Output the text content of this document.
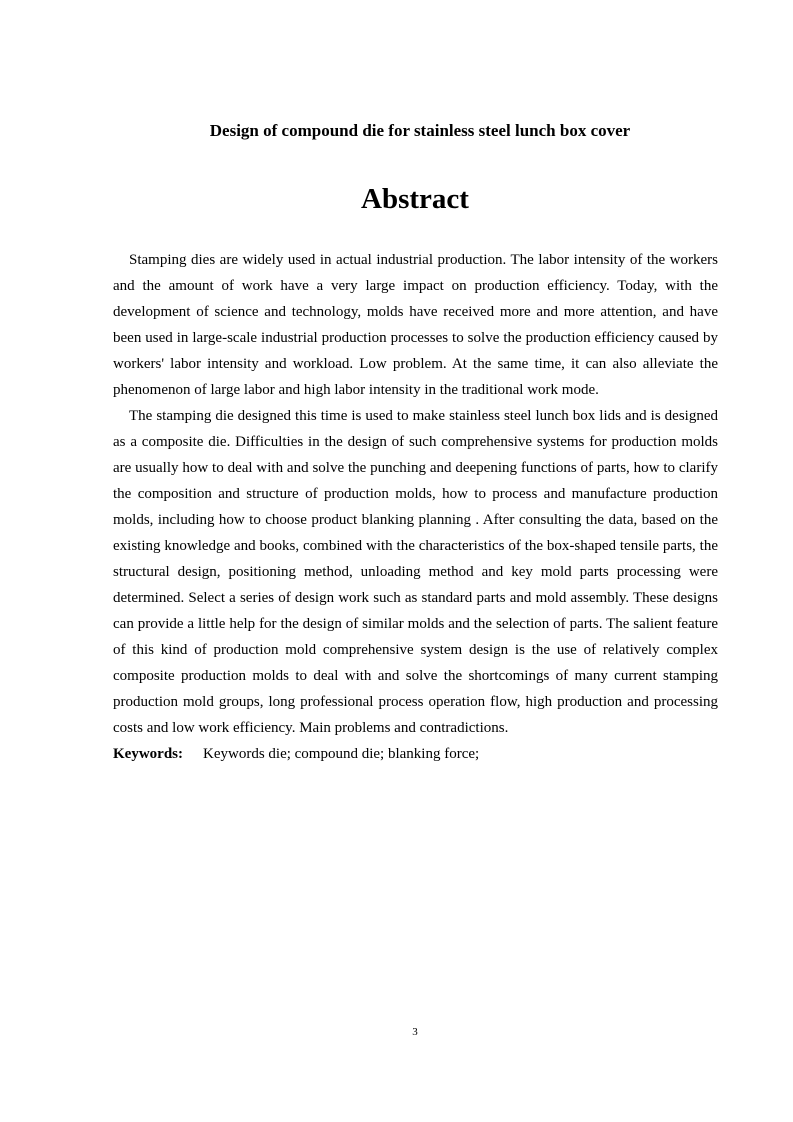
Design of compound die for stainless steel lunch box cover
Abstract

Stamping dies are widely used in actual industrial production. The labor intensity of the workers and the amount of work have a very large impact on production efficiency. Today, with the development of science and technology, molds have received more and more attention, and have been used in large-scale industrial production processes to solve the production efficiency caused by workers' labor intensity and workload. Low problem. At the same time, it can also alleviate the phenomenon of large labor and high labor intensity in the traditional work mode.

The stamping die designed this time is used to make stainless steel lunch box lids and is designed as a composite die. Difficulties in the design of such comprehensive systems for production molds are usually how to deal with and solve the punching and deepening functions of parts, how to clarify the composition and structure of production molds, how to process and manufacture production molds, including how to choose product blanking planning . After consulting the data, based on the existing knowledge and books, combined with the characteristics of the box-shaped tensile parts, the structural design, positioning method, unloading method and key mold parts processing were determined. Select a series of design work such as standard parts and mold assembly. These designs can provide a little help for the design of similar molds and the selection of parts. The salient feature of this kind of production mold comprehensive system design is the use of relatively complex composite production molds to deal with and solve the shortcomings of many current stamping production mold groups, long professional process operation flow, high production and processing costs and low work efficiency. Main problems and contradictions.

Keywords: Keywords die; compound die; blanking force;

3
